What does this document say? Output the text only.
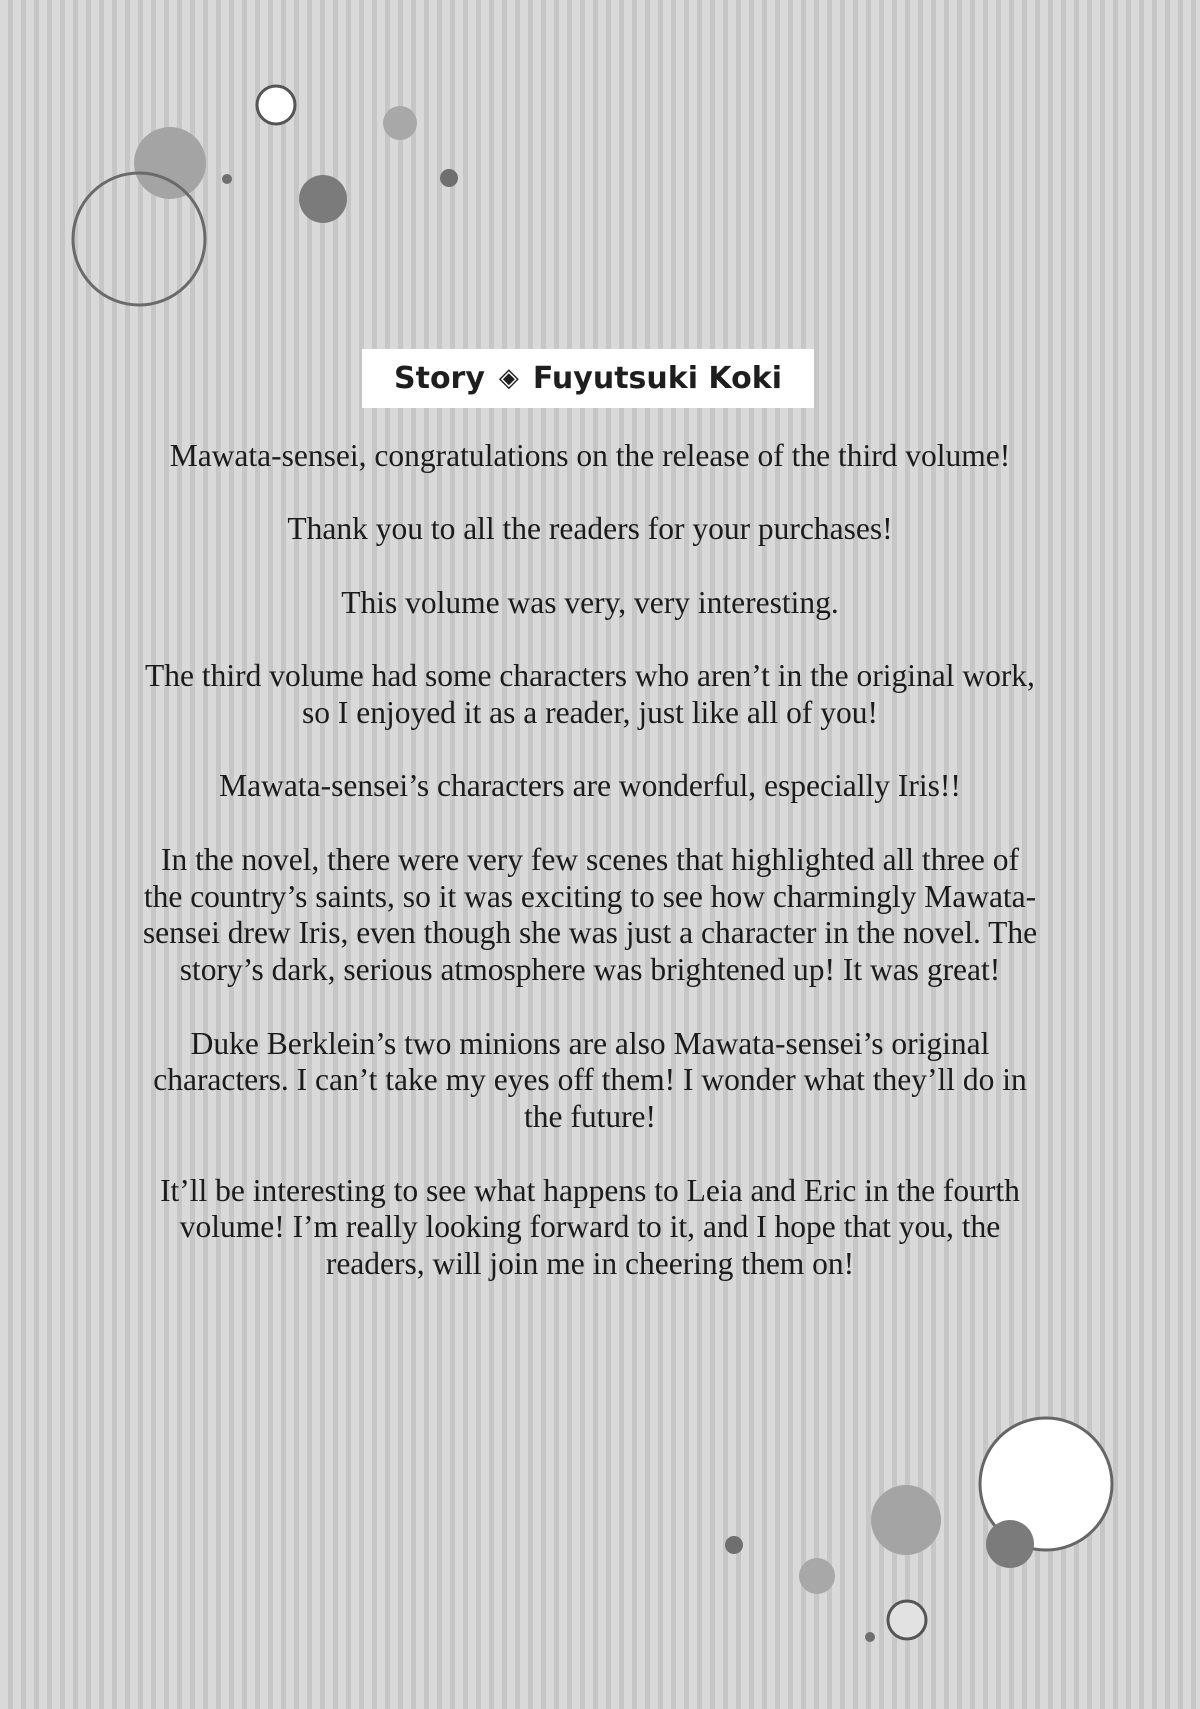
Story ◈ Fuyutsuki Koki

Mawata-sensei, congratulations on the release of the third volume!

Thank you to all the readers for your purchases!

This volume was very, very interesting.

The third volume had some characters who aren’t in the original work, so I enjoyed it as a reader, just like all of you!

Mawata-sensei’s characters are wonderful, especially Iris!!

In the novel, there were very few scenes that highlighted all three of the country’s saints, so it was exciting to see how charmingly Mawata-sensei drew Iris, even though she was just a character in the novel. The story’s dark, serious atmosphere was brightened up! It was great!

Duke Berklein’s two minions are also Mawata-sensei’s original characters. I can’t take my eyes off them! I wonder what they’ll do in the future!

It’ll be interesting to see what happens to Leia and Eric in the fourth volume! I’m really looking forward to it, and I hope that you, the readers, will join me in cheering them on!
